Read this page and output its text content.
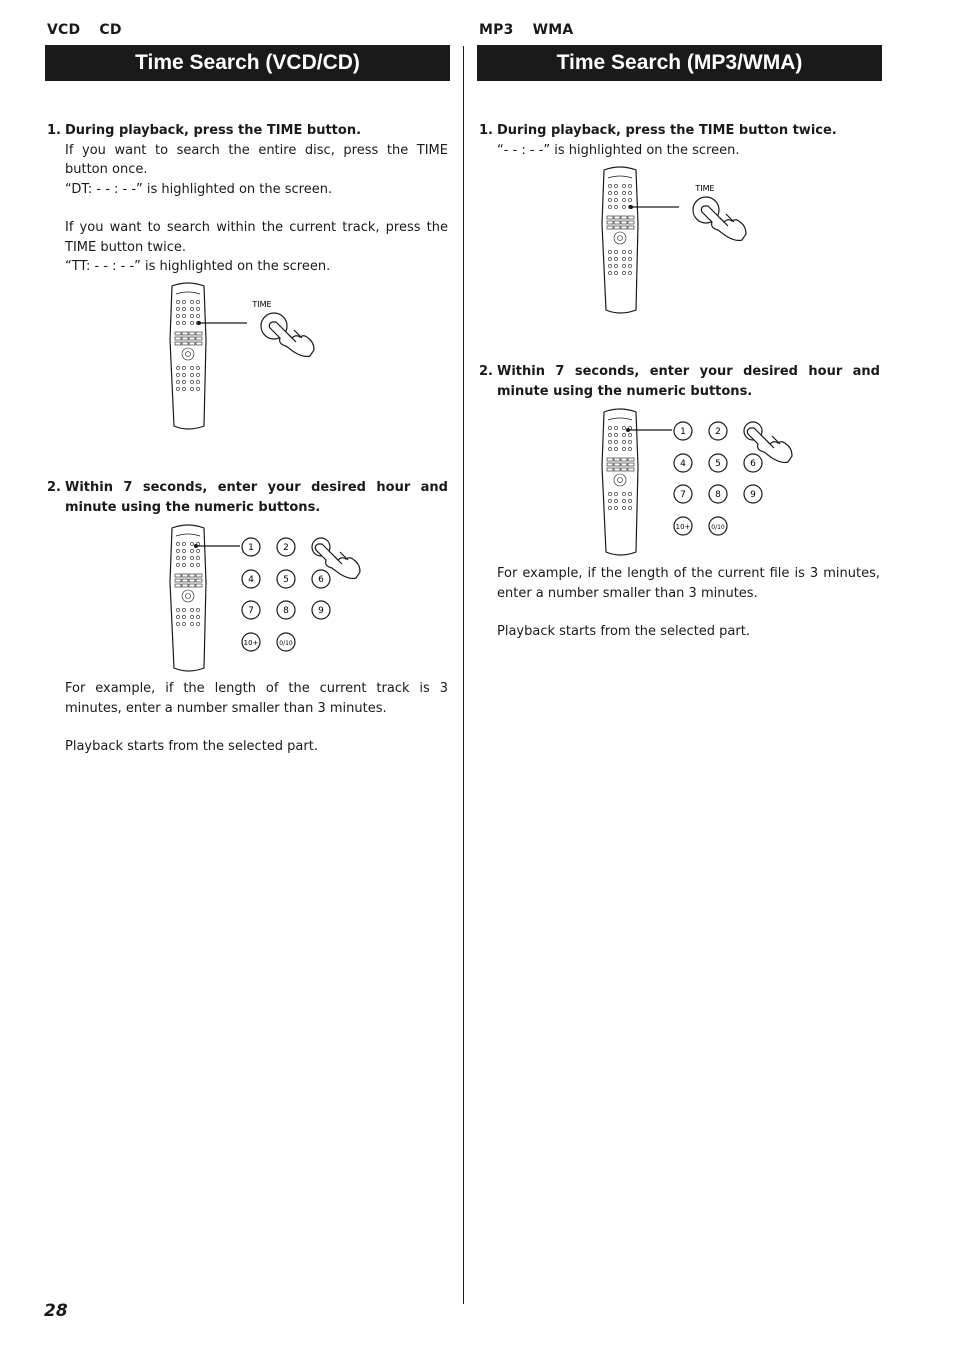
VCD CD
Time Search (VCD/CD)
1. During playback, press the TIME button.

If you want to search the entire disc, press the TIME button once.

“DT: - - : - -” is highlighted on the screen.

If you want to search within the current track, press the TIME button twice.

“TT: - - : - -” is highlighted on the screen.

TIME
2. Within 7 seconds, enter your desired hour and minute using the numeric buttons.
1	2
4	5	6
7	8	9
10+	0/10

For example, if the length of the current track is 3 minutes, enter a number smaller than 3 minutes.

Playback starts from the selected part.

MP3 WMA
Time Search (MP3/WMA)
1. During playback, press the TIME button twice.

“- - : - -” is highlighted on the screen.

TIME
2. Within 7 seconds, enter your desired hour and minute using the numeric buttons.
1	2
4	5	6
7	8	9
10+	0/10

For example, if the length of the current file is 3 minutes, enter a number smaller than 3 minutes.

Playback starts from the selected part.

28
